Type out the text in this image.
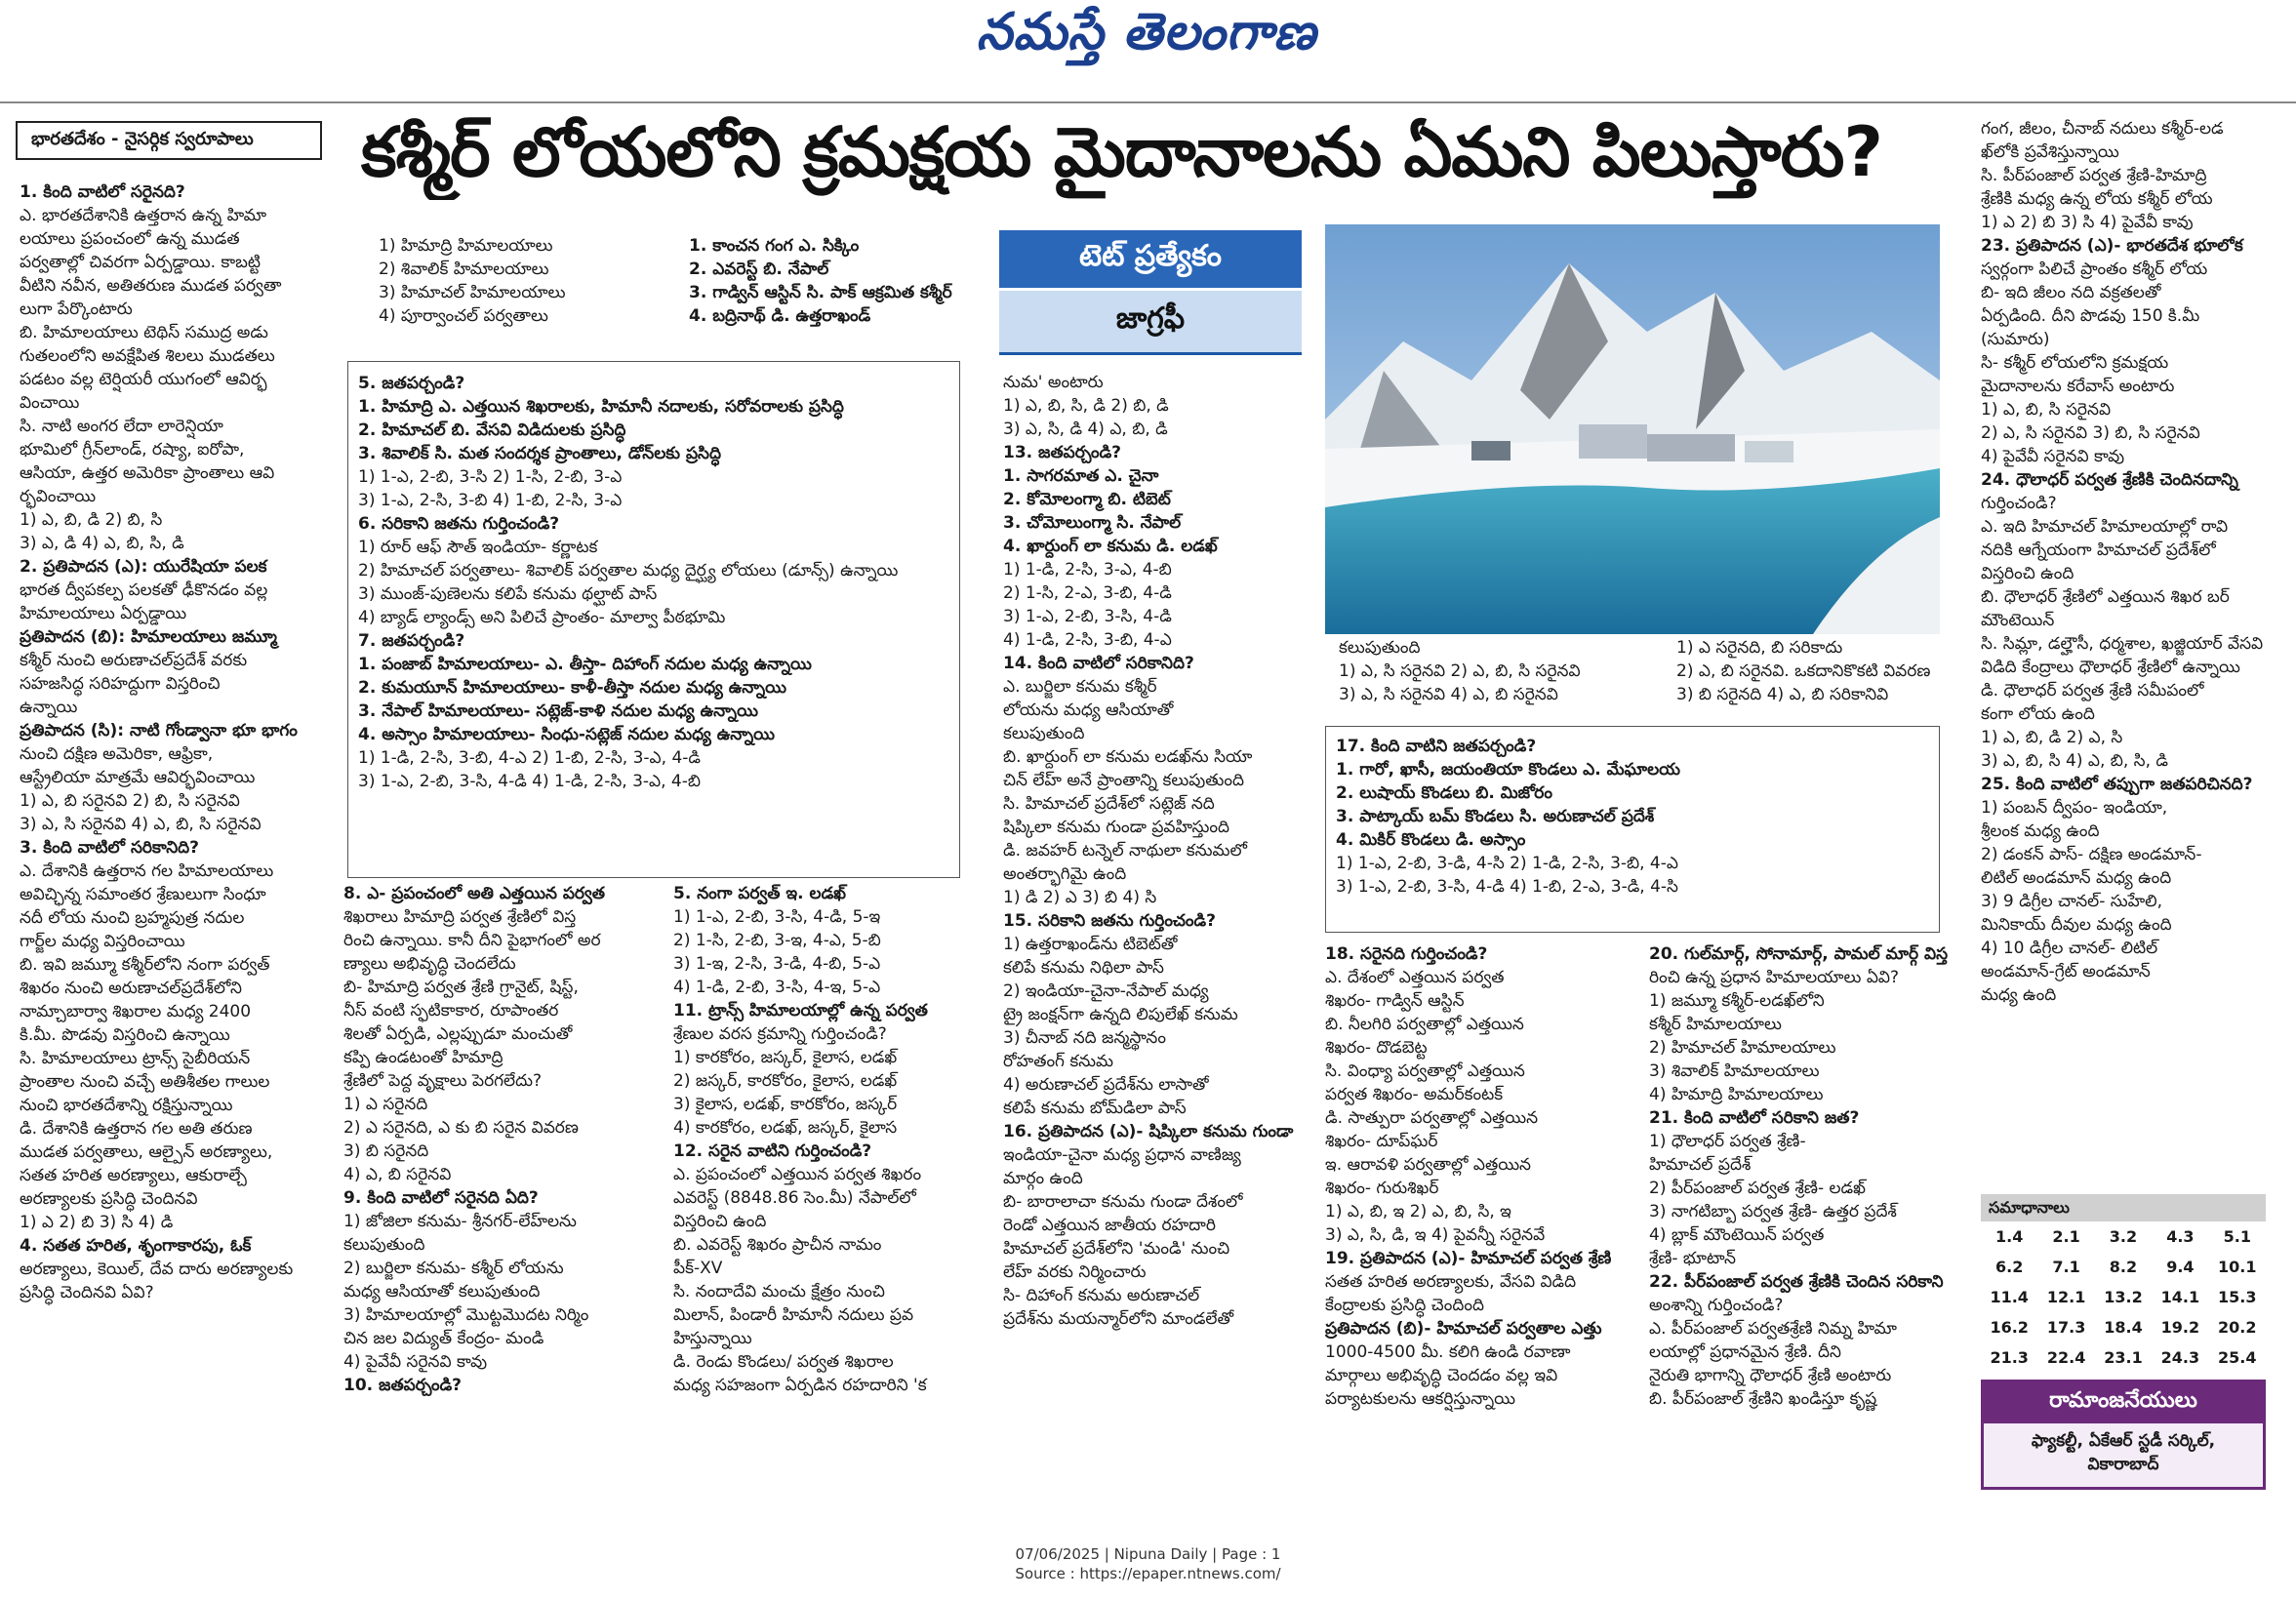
నమస్తే తెలంగాణ
భారతదేశం - నైసర్గిక స్వరూపాలు	కశ్మీర్ లోయలోని క్రమక్షయ మైదానాలను ఏమని పిలుస్తారు?
టెట్ ప్రత్యేకం
జాగ్రఫీ

1. కింది వాటిలో సరైనది?

ఎ. భారతదేశానికి ఉత్తరాన ఉన్న హిమా

లయాలు ప్రపంచంలో ఉన్న ముడత

పర్వతాల్లో చివరగా ఏర్పడ్డాయి. కాబట్టి

వీటిని నవీన, అతితరుణ ముడత పర్వతా

లుగా పేర్కొంటారు

బి. హిమాలయాలు టెథిస్ సముద్ర అడు

గుతలంలోని అవక్షేపిత శిలలు ముడతలు

పడటం వల్ల టెర్షియరీ యుగంలో ఆవిర్భ

వించాయి

సి. నాటి అంగర లేదా లారెన్షియా

భూమిలో గ్రీన్‌లాండ్, రష్యా, ఐరోపా,

ఆసియా, ఉత్తర అమెరికా ప్రాంతాలు ఆవి

ర్భవించాయి

1) ఎ, బి, డి 2) బి, సి

3) ఎ, డి 4) ఎ, బి, సి, డి

2. ప్రతిపాదన (ఎ): యురేషియా పలక

భారత ద్వీపకల్ప పలకతో ఢీకొనడం వల్ల

హిమాలయాలు ఏర్పడ్డాయి

ప్రతిపాదన (బి): హిమాలయాలు జమ్మూ

కశ్మీర్ నుంచి అరుణాచల్‌ప్రదేశ్ వరకు

సహజసిద్ధ సరిహద్దుగా విస్తరించి

ఉన్నాయి

ప్రతిపాదన (సి): నాటి గోండ్వానా భూ భాగం

నుంచి దక్షిణ అమెరికా, ఆఫ్రికా,

ఆస్ట్రేలియా మాత్రమే ఆవిర్భవించాయి

1) ఎ, బి సరైనవి 2) బి, సి సరైనవి

3) ఎ, సి సరైనవి 4) ఎ, బి, సి సరైనవి

3. కింది వాటిలో సరికానిది?

ఎ. దేశానికి ఉత్తరాన గల హిమాలయాలు

అవిచ్ఛిన్న సమాంతర శ్రేణులుగా సింధూ

నదీ లోయ నుంచి బ్రహ్మపుత్ర నదుల

గార్జ్‌ల మధ్య విస్తరించాయి

బి. ఇవి జమ్మూ కశ్మీర్‌లోని నంగా పర్వత్

శిఖరం నుంచి అరుణాచల్‌ప్రదేశ్‌లోని

నామ్చాబార్వా శిఖరాల మధ్య 2400

కి.మీ. పొడవు విస్తరించి ఉన్నాయి

సి. హిమాలయాలు ట్రాన్స్ సైబీరియన్

ప్రాంతాల నుంచి వచ్చే అతిశీతల గాలుల

నుంచి భారతదేశాన్ని రక్షిస్తున్నాయి

డి. దేశానికి ఉత్తరాన గల అతి తరుణ

ముడత పర్వతాలు, ఆల్పైన్ అరణ్యాలు,

సతత హరిత అరణ్యాలు, ఆకురాల్చే

అరణ్యాలకు ప్రసిద్ధి చెందినవి

1) ఎ 2) బి 3) సి 4) డి

4. సతత హరిత, శృంగాకారపు, ఓక్

అరణ్యాలు, కెయిల్, దేవ దారు అరణ్యాలకు

ప్రసిద్ధి చెందినవి ఏవి?

1) హిమాద్రి హిమాలయాలు

2) శివాలిక్ హిమాలయాలు

3) హిమాచల్ హిమాలయాలు

4) పూర్వాంచల్ పర్వతాలు

1. కాంచన గంగ ఎ. సిక్కిం

2. ఎవరెస్ట్ బి. నేపాల్

3. గాడ్విన్ ఆస్టిన్ సి. పాక్ ఆక్రమిత కశ్మీర్

4. బద్రినాథ్ డి. ఉత్తరాఖండ్

5. జతపర్చండి?

1. హిమాద్రి ఎ. ఎత్తయిన శిఖరాలకు, హిమానీ నదాలకు, సరోవరాలకు ప్రసిద్ధి

2. హిమాచల్ బి. వేసవి విడిదులకు ప్రసిద్ధి

3. శివాలిక్ సి. మత సందర్శక ప్రాంతాలు, డోన్‌లకు ప్రసిద్ధి

1) 1-ఎ, 2-బి, 3-సి 2) 1-సి, 2-బి, 3-ఎ

3) 1-ఎ, 2-సి, 3-బి 4) 1-బి, 2-సి, 3-ఎ

6. సరికాని జతను గుర్తించండి?

1) రూర్ ఆఫ్ సౌత్ ఇండియా- కర్ణాటక

2) హిమాచల్ పర్వతాలు- శివాలిక్ పర్వతాల మధ్య దైర్ఘ్య లోయలు (డూన్స్) ఉన్నాయి

3) ముంజ్-పుణెలను కలిపే కనుమ థల్ఘాట్ పాస్

4) బ్యాడ్ ల్యాండ్స్ అని పిలిచే ప్రాంతం- మాల్వా పీఠభూమి

7. జతపర్చండి?

1. పంజాబ్ హిమాలయాలు- ఎ. తీస్తా- దిహాంగ్ నదుల మధ్య ఉన్నాయి

2. కుమయూన్ హిమాలయాలు- కాళీ-తీస్తా నదుల మధ్య ఉన్నాయి

3. నేపాల్ హిమాలయాలు- సట్లెజ్-కాళి నదుల మధ్య ఉన్నాయి

4. అస్సాం హిమాలయాలు- సింధు-సట్లెజ్ నదుల మధ్య ఉన్నాయి

1) 1-డి, 2-సి, 3-బి, 4-ఎ 2) 1-బి, 2-సి, 3-ఎ, 4-డి

3) 1-ఎ, 2-బి, 3-సి, 4-డి 4) 1-డి, 2-సి, 3-ఎ, 4-బి

8. ఎ- ప్రపంచంలో అతి ఎత్తయిన పర్వత

శిఖరాలు హిమాద్రి పర్వత శ్రేణిలో విస్త

రించి ఉన్నాయి. కానీ దీని పైభాగంలో అర

ణ్యాలు అభివృద్ధి చెందలేదు

బి- హిమాద్రి పర్వత శ్రేణి గ్రానైట్, షిస్ట్,

నీస్ వంటి స్ఫటికాకార, రూపాంతర

శిలతో ఏర్పడి, ఎల్లప్పుడూ మంచుతో

కప్పి ఉండటంతో హిమాద్రి

శ్రేణిలో పెద్ద వృక్షాలు పెరగలేదు?

1) ఎ సరైనది

2) ఎ సరైనది, ఎ కు బి సరైన వివరణ

3) బి సరైనది

4) ఎ, బి సరైనవి

9. కింది వాటిలో సరైనది ఏది?

1) జోజిలా కనుమ- శ్రీనగర్-లేహ్‌లను

కలుపుతుంది

2) బుర్జిలా కనుమ- కశ్మీర్ లోయను

మధ్య ఆసియాతో కలుపుతుంది

3) హిమాలయాల్లో మొట్టమొదట నిర్మిం

చిన జల విద్యుత్ కేంద్రం- మండి

4) పైవేవీ సరైనవి కావు

10. జతపర్చండి?

5. నంగా పర్వత్ ఇ. లడఖ్

1) 1-ఎ, 2-బి, 3-సి, 4-డి, 5-ఇ

2) 1-సి, 2-బి, 3-ఇ, 4-ఎ, 5-బి

3) 1-ఇ, 2-సి, 3-డి, 4-బి, 5-ఎ

4) 1-డి, 2-బి, 3-సి, 4-ఇ, 5-ఎ

11. ట్రాన్స్ హిమాలయాల్లో ఉన్న పర్వత

శ్రేణుల వరస క్రమాన్ని గుర్తించండి?

1) కారకోరం, జస్కర్, కైలాస, లడఖ్

2) జస్కర్, కారకోరం, కైలాస, లడఖ్

3) కైలాస, లడఖ్, కారకోరం, జస్కర్

4) కారకోరం, లడఖ్, జస్కర్, కైలాస

12. సరైన వాటిని గుర్తించండి?

ఎ. ప్రపంచంలో ఎత్తయిన పర్వత శిఖరం

ఎవరెస్ట్ (8848.86 సెం.మీ) నేపాల్‌లో

విస్తరించి ఉంది

బి. ఎవరెస్ట్ శిఖరం ప్రాచీన నామం

పీక్-XV

సి. నందాదేవి మంచు క్షేత్రం నుంచి

మిలాన్, పిండారీ హిమానీ నదులు ప్రవ

హిస్తున్నాయి

డి. రెండు కొండలు/ పర్వత శిఖరాల

మధ్య సహజంగా ఏర్పడిన రహదారిని 'క

నుమ' అంటారు

1) ఎ, బి, సి, డి 2) బి, డి

3) ఎ, సి, డి 4) ఎ, బి, డి

13. జతపర్చండి?

1. సాగరమాత ఎ. చైనా

2. కోమోలంగ్మా బి. టిబెట్

3. చోమోలుంగ్మా సి. నేపాల్

4. ఖార్దుంగ్ లా కనుమ డి. లడఖ్

1) 1-డి, 2-సి, 3-ఎ, 4-బి

2) 1-సి, 2-ఎ, 3-బి, 4-డి

3) 1-ఎ, 2-బి, 3-సి, 4-డి

4) 1-డి, 2-సి, 3-బి, 4-ఎ

14. కింది వాటిలో సరికానిది?

ఎ. బుర్జిలా కనుమ కశ్మీర్

లోయను మధ్య ఆసియాతో

కలుపుతుంది

బి. ఖార్దుంగ్ లా కనుమ లడఖ్‌ను సియా

చిన్ లేహ్ అనే ప్రాంతాన్ని కలుపుతుంది

సి. హిమాచల్ ప్రదేశ్‌లో సట్లెజ్ నది

షిప్కిలా కనుమ గుండా ప్రవహిస్తుంది

డి. జవహర్ టన్నెల్ నాథులా కనుమలో

అంతర్భాగిమై ఉంది

1) డి 2) ఎ 3) బి 4) సి

15. సరికాని జతను గుర్తించండి?

1) ఉత్తరాఖండ్‌ను టిబెట్‌తో

కలిపే కనుమ నిథిలా పాస్

2) ఇండియా-చైనా-నేపాల్ మధ్య

ట్రై జంక్షన్‌గా ఉన్నది లిపులేఖ్ కనుమ

3) చీనాబ్ నది జన్మస్థానం

రోహతంగ్ కనుమ

4) అరుణాచల్ ప్రదేశ్‌ను లాసాతో

కలిపే కనుమ బోమ్‌డిలా పాస్

16. ప్రతిపాదన (ఎ)- షిప్కిలా కనుమ గుండా

ఇండియా-చైనా మధ్య ప్రధాన వాణిజ్య

మార్గం ఉంది

బి- బారాలాచా కనుమ గుండా దేశంలో

రెండో ఎత్తయిన జాతీయ రహదారి

హిమాచల్ ప్రదేశ్‌లోని 'మండి' నుంచి

లేహ్ వరకు నిర్మించారు

సి- దిహాంగ్ కనుమ అరుణాచల్

ప్రదేశ్‌ను మయన్మార్‌లోని మాండలేతో

కలుపుతుంది

1) ఎ, సి సరైనవి 2) ఎ, బి, సి సరైనవి

3) ఎ, సి సరైనవి 4) ఎ, బి సరైనవి

1) ఎ సరైనది, బి సరికాదు

2) ఎ, బి సరైనవి. ఒకదానికొకటి వివరణ

3) బి సరైనది 4) ఎ, బి సరికానివి

17. కింది వాటిని జతపర్చండి?

1. గారో, ఖాసీ, జయంతియా కొండలు ఎ. మేఘాలయ

2. లుషాయ్ కొండలు బి. మిజోరం

3. పాట్కాయ్ బమ్ కొండలు సి. అరుణాచల్ ప్రదేశ్

4. మికిర్ కొండలు డి. అస్సాం

1) 1-ఎ, 2-బి, 3-డి, 4-సి 2) 1-డి, 2-సి, 3-బి, 4-ఎ

3) 1-ఎ, 2-బి, 3-సి, 4-డి 4) 1-బి, 2-ఎ, 3-డి, 4-సి

18. సరైనది గుర్తించండి?

ఎ. దేశంలో ఎత్తయిన పర్వత

శిఖరం- గాడ్విన్ ఆస్టిన్

బి. నీలగిరి పర్వతాల్లో ఎత్తయిన

శిఖరం- దొడబెట్ట

సి. వింధ్యా పర్వతాల్లో ఎత్తయిన

పర్వత శిఖరం- అమర్‌కంటక్

డి. సాత్పురా పర్వతాల్లో ఎత్తయిన

శిఖరం- దూప్‌ఘర్

ఇ. ఆరావళి పర్వతాల్లో ఎత్తయిన

శిఖరం- గురుశిఖర్

1) ఎ, బి, ఇ 2) ఎ, బి, సి, ఇ

3) ఎ, సి, డి, ఇ 4) పైవన్నీ సరైనవే

19. ప్రతిపాదన (ఎ)- హిమాచల్ పర్వత శ్రేణి

సతత హరిత అరణ్యాలకు, వేసవి విడిది

కేంద్రాలకు ప్రసిద్ధి చెందింది

ప్రతిపాదన (బి)- హిమాచల్ పర్వతాల ఎత్తు

1000-4500 మీ. కలిగి ఉండి రవాణా

మార్గాలు అభివృద్ధి చెందడం వల్ల ఇవి

పర్యాటకులను ఆకర్షిస్తున్నాయి

20. గుల్‌మార్గ్, సోనామార్గ్, పామల్ మార్గ్ విస్త

రించి ఉన్న ప్రధాన హిమాలయాలు ఏవి?

1) జమ్మూ కశ్మీర్-లడఖ్‌లోని

కశ్మీర్ హిమాలయాలు

2) హిమాచల్ హిమాలయాలు

3) శివాలిక్ హిమాలయాలు

4) హిమాద్రి హిమాలయాలు

21. కింది వాటిలో సరికాని జత?

1) ధౌలాధర్ పర్వత శ్రేణి-

హిమాచల్ ప్రదేశ్

2) పీర్‌పంజాల్ పర్వత శ్రేణి- లడఖ్

3) నాగటిబ్బా పర్వత శ్రేణి- ఉత్తర ప్రదేశ్

4) బ్లాక్ మౌంటెయిన్ పర్వత

శ్రేణి- భూటాన్

22. పీర్‌పంజాల్ పర్వత శ్రేణికి చెందిన సరికాని

అంశాన్ని గుర్తించండి?

ఎ. పీర్‌పంజాల్ పర్వతశ్రేణి నిమ్న హిమా

లయాల్లో ప్రధానమైన శ్రేణి. దీని

నైరుతి భాగాన్ని ధౌలాధర్ శ్రేణి అంటారు

బి. పీర్‌పంజాల్ శ్రేణిని ఖండిస్తూ కృష్ణ

గంగ, జీలం, చీనాబ్ నదులు కశ్మీర్-లడ

ఖ్‌లోకి ప్రవేశిస్తున్నాయి

సి. పీర్‌పంజాల్ పర్వత శ్రేణి-హిమాద్రి

శ్రేణికి మధ్య ఉన్న లోయ కశ్మీర్ లోయ

1) ఎ 2) బి 3) సి 4) పైవేవీ కావు

23. ప్రతిపాదన (ఎ)- భారతదేశ భూలోక

స్వర్గంగా పిలిచే ప్రాంతం కశ్మీర్ లోయ

బి- ఇది జీలం నది వక్రతలతో

ఏర్పడింది. దీని పొడవు 150 కి.మీ

(సుమారు)

సి- కశ్మీర్ లోయలోని క్రమక్షయ

మైదానాలను కరేవాస్ అంటారు

1) ఎ, బి, సి సరైనవి

2) ఎ, సి సరైనవి 3) బి, సి సరైనవి

4) పైవేవీ సరైనవి కావు

24. ధౌలాధర్ పర్వత శ్రేణికి చెందినదాన్ని

గుర్తించండి?

ఎ. ఇది హిమాచల్ హిమాలయాల్లో రావి

నదికి ఆగ్నేయంగా హిమాచల్ ప్రదేశ్‌లో

విస్తరించి ఉంది

బి. ధౌలాధర్ శ్రేణిలో ఎత్తయిన శిఖర బర్

మౌంటెయిన్

సి. సిమ్లా, డల్హౌసీ, ధర్మశాల, ఖజ్జియార్ వేసవి

విడిది కేంద్రాలు ధౌలాధర్ శ్రేణిలో ఉన్నాయి

డి. ధౌలాధర్ పర్వత శ్రేణి సమీపంలో

కంగా లోయ ఉంది

1) ఎ, బి, డి 2) ఎ, సి

3) ఎ, బి, సి 4) ఎ, బి, సి, డి

25. కింది వాటిలో తప్పుగా జతపరిచినది?

1) పంబన్ ద్వీపం- ఇండియా,

శ్రీలంక మధ్య ఉంది

2) డంకన్ పాస్- దక్షిణ అండమాన్-

లిటిల్ అండమాన్ మధ్య ఉంది

3) 9 డిగ్రీల చానల్- సుహేలి,

మినికాయ్ దీవుల మధ్య ఉంది

4) 10 డిగ్రీల చానల్- లిటిల్

అండమాన్-గ్రేట్ అండమాన్

మధ్య ఉంది

సమాధానాలు
1.4	2.1	3.2	4.3	5.1
6.2	7.1	8.2	9.4	10.1
11.4	12.1	13.2	14.1	15.3
16.2	17.3	18.4	19.2	20.2
21.3	22.4	23.1	24.3	25.4
రామాంజనేయులు
ఫ్యాకల్టీ, ఏకేఆర్ స్టడీ సర్కిల్,
వికారాబాద్
07/06/2025 | Nipuna Daily | Page : 1
Source : https://epaper.ntnews.com/
